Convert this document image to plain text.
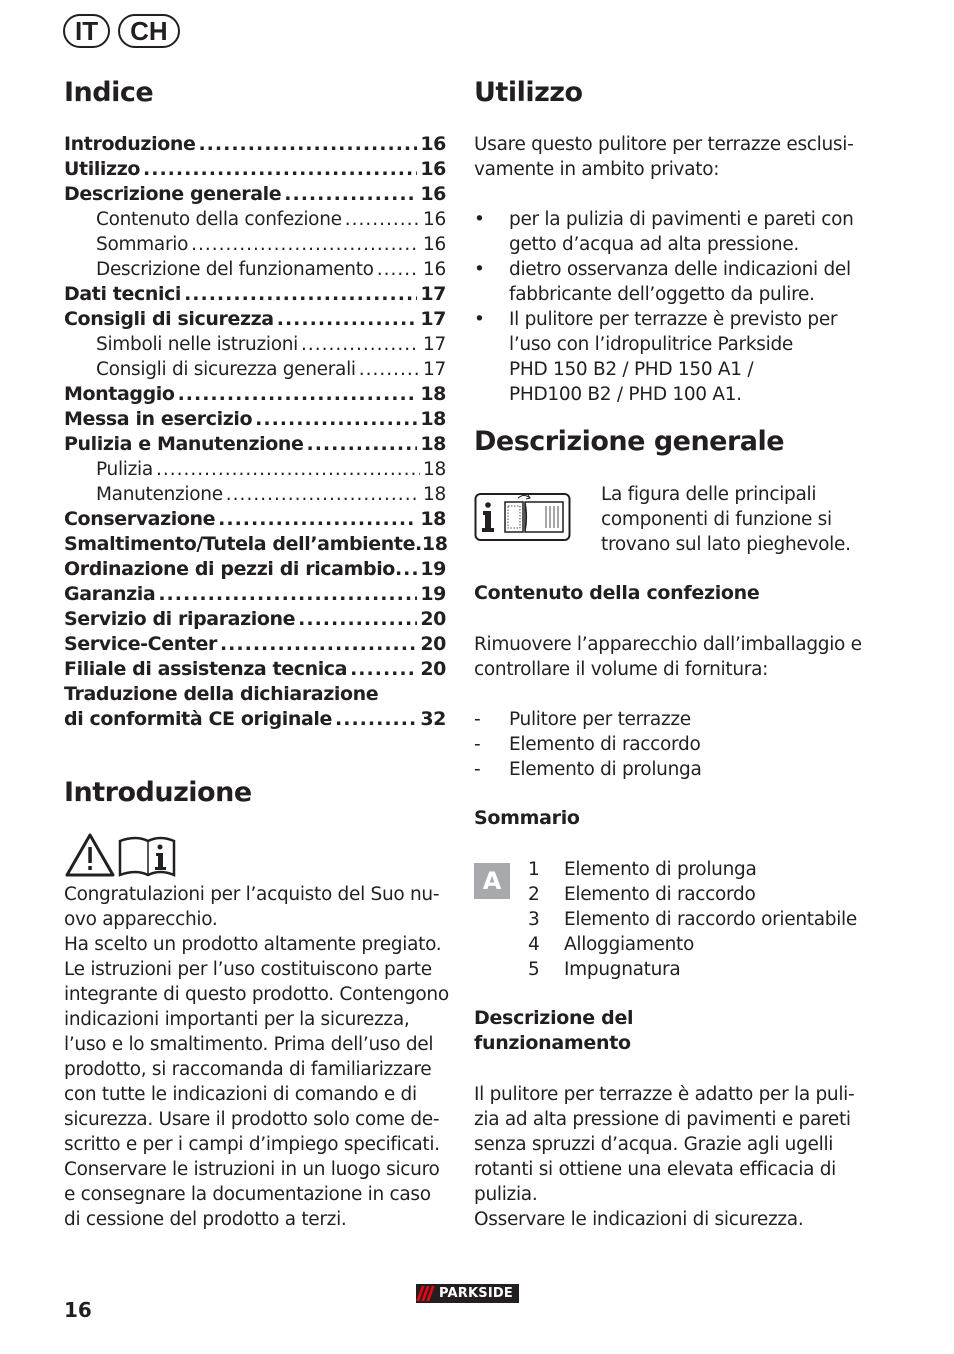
IT	CH
Indice
Introduzione .....	16
Utilizzo .....	16
Descrizione generale .....	16
Contenuto della confezione .....	16
Sommario .....	16
Descrizione del funzionamento .....	16
Dati tecnici .....	17
Consigli di sicurezza .....	17
Simboli nelle istruzioni .....	17
Consigli di sicurezza generali .....	17
Montaggio .....	18
Messa in esercizio .....	18
Pulizia e Manutenzione .....	18
Pulizia .....	18
Manutenzione .....	18
Conservazione .....	18
Smaltimento/Tutela dell’ambiente. 18
Ordinazione di pezzi di ricambio ..... 19
Garanzia .....	19
Servizio di riparazione .....	20
Service-Center .....	20
Filiale di assistenza tecnica .....	20
Traduzione della dichiarazione
di conformità CE originale .....	32
Introduzione
Congratulazioni per l’acquisto del Suo nu-
ovo apparecchio.
Ha scelto un prodotto altamente pregiato.
Le istruzioni per l’uso costituiscono parte
integrante di questo prodotto. Contengono
indicazioni importanti per la sicurezza,
l’uso e lo smaltimento. Prima dell’uso del
prodotto, si raccomanda di familiarizzare
con tutte le indicazioni di comando e di
sicurezza. Usare il prodotto solo come de-
scritto e per i campi d’impiego specificati.
Conservare le istruzioni in un luogo sicuro
e consegnare la documentazione in caso
di cessione del prodotto a terzi.
Utilizzo
Usare questo pulitore per terrazze esclusi-
vamente in ambito privato:
•	per la pulizia di pavimenti e pareti con
getto d’acqua ad alta pressione.
•	dietro osservanza delle indicazioni del
fabbricante dell’oggetto da pulire.
•	Il pulitore per terrazze è previsto per
l’uso con l’idropulitrice Parkside
PHD 150 B2 / PHD 150 A1 /
PHD100 B2 / PHD 100 A1.
Descrizione generale
La figura delle principali
componenti di funzione si
trovano sul lato pieghevole.
Contenuto della confezione
Rimuovere l’apparecchio dall’imballaggio e
controllare il volume di fornitura:
-	Pulitore per terrazze
-	Elemento di raccordo
-	Elemento di prolunga
Sommario
A	1 Elemento di prolunga
2 Elemento di raccordo
3 Elemento di raccordo orientabile
4 Alloggiamento
5 Impugnatura
Descrizione del
funzionamento
Il pulitore per terrazze è adatto per la puli-
zia ad alta pressione di pavimenti e pareti
senza spruzzi d’acqua. Grazie agli ugelli
rotanti si ottiene una elevata efficacia di
pulizia.
Osservare le indicazioni di sicurezza.
PARKSIDE
16
